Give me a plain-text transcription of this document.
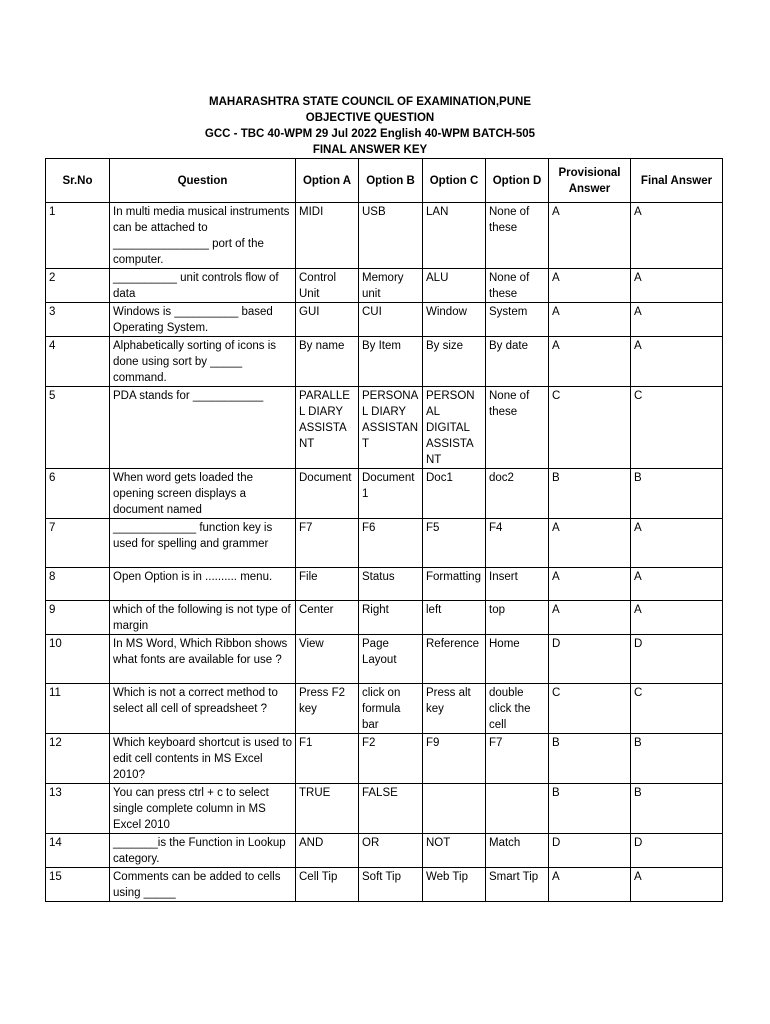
MAHARASHTRA STATE COUNCIL OF EXAMINATION,PUNE
OBJECTIVE QUESTION
GCC - TBC 40-WPM 29 Jul 2022 English 40-WPM BATCH-505
FINAL ANSWER KEY
Sr.No	Question	Option A	Option B	Option C	Option D	Provisional Answer	Final Answer
1	In multi media musical instruments can be attached to _______________ port of the computer.	MIDI	USB	LAN	None of these	A	A
2	__________ unit controls flow of data	Control Unit	Memory unit	ALU	None of these	A	A
3	Windows is __________ based Operating System.	GUI	CUI	Window	System	A	A
4	Alphabetically sorting of icons is done using sort by _____ command.	By name	By Item	By size	By date	A	A
5	PDA stands for ___________	PARALLEL DIARY ASSISTANT	PERSONAL DIARY ASSISTANT	PERSONAL DIGITAL ASSISTANT	None of these	C	C
6	When word gets loaded the opening screen displays a document named	Document	Document 1	Doc1	doc2	B	B
7	_____________ function key is used for spelling and grammer	F7	F6	F5	F4	A	A
8	Open Option is in .......... menu.	File	Status	Formatting	Insert	A	A
9	which of the following is not type of margin	Center	Right	left	top	A	A
10	In MS Word, Which Ribbon shows what fonts are available for use ?	View	Page Layout	Reference	Home	D	D
11	Which is not a correct method to select all cell of spreadsheet ?	Press F2 key	click on formula bar	Press alt key	double click the cell	C	C
12	Which keyboard shortcut is used to edit cell contents in MS Excel 2010?	F1	F2	F9	F7	B	B
13	You can press ctrl + c to select single complete column in MS Excel 2010	TRUE	FALSE			B	B
14	_______is the Function in Lookup category.	AND	OR	NOT	Match	D	D
15	Comments can be added to cells using _____	Cell Tip	Soft Tip	Web Tip	Smart Tip	A	A
